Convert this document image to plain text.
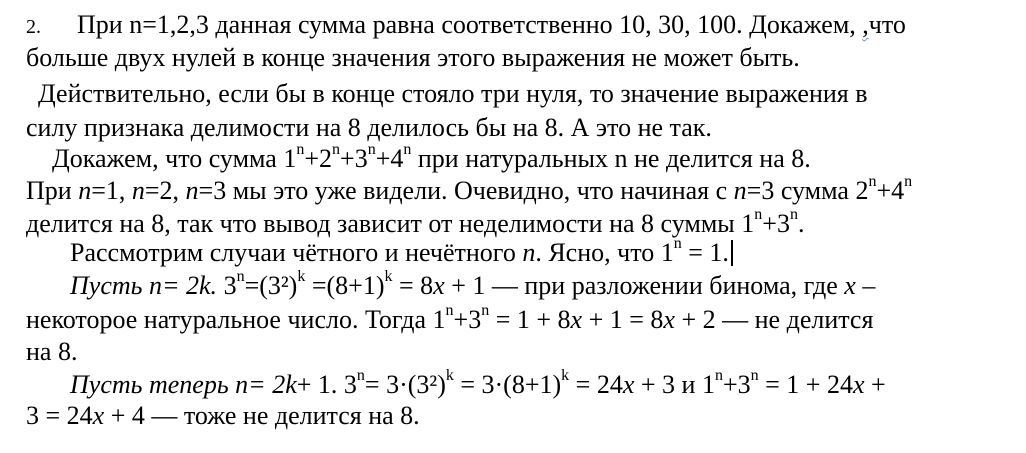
2. При n=1,2,3 данная сумма равна соответственно 10, 30, 100. Докажем, ,что
больше двух нулей в конце значения этого выражения не может быть.
Действительно, если бы в конце стояло три нуля, то значение выражения в
силу признака делимости на 8 делилось бы на 8. А это не так.
Докажем, что сумма $1^n+2^n+3^n+4^n$ при натуральных n не делится на 8.
При n=1, n=2, n=3 мы это уже видели. Очевидно, что начиная с n=3 сумма $2^n+4^n$
делится на 8, так что вывод зависит от неделимости на 8 суммы $1^n+3^n$.
Рассмотрим случаи чётного и нечётного n. Ясно, что $1^n = 1$.
Пусть n= 2k. $3^n=(3^2)^k =(8+1)^k = 8x + 1$ — при разложении бинома, где x –
некоторое натуральное число. Тогда $1^n+3^n = 1 + 8x + 1 = 8x + 2$ — не делится
на 8.
Пусть теперь n= 2k+ 1. $3^n= 3\cdot(3^2)^k = 3\cdot(8+1)^k = 24x + 3$ и $1^n+3^n = 1 + 24x$ +
3 = 24x + 4 — тоже не делится на 8.
